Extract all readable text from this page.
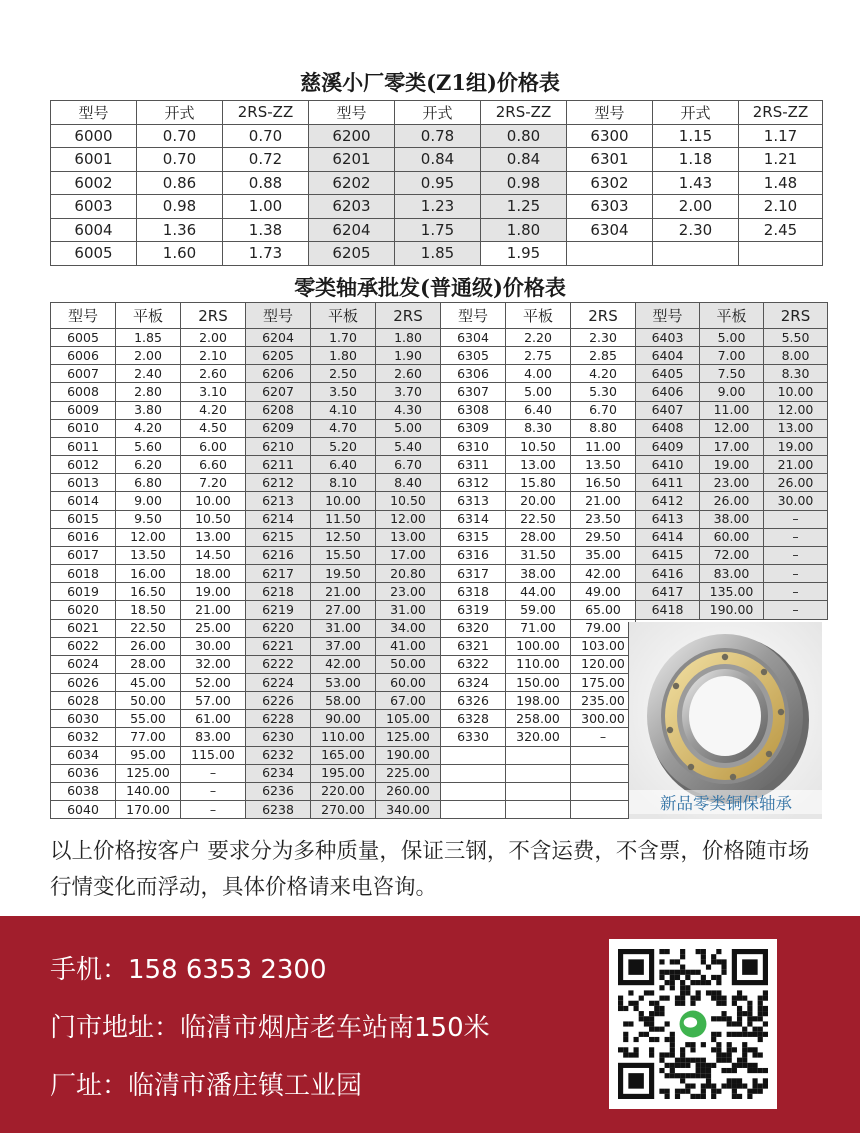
慈溪小厂零类(Z1组)价格表
型号	开式	2RS-ZZ	型号	开式	2RS-ZZ	型号	开式	2RS-ZZ
6000	0.70	0.70	6200	0.78	0.80	6300	1.15	1.17
6001	0.70	0.72	6201	0.84	0.84	6301	1.18	1.21
6002	0.86	0.88	6202	0.95	0.98	6302	1.43	1.48
6003	0.98	1.00	6203	1.23	1.25	6303	2.00	2.10
6004	1.36	1.38	6204	1.75	1.80	6304	2.30	2.45
6005	1.60	1.73	6205	1.85	1.95			
零类轴承批发(普通级)价格表
型号	平板	2RS	型号	平板	2RS	型号	平板	2RS	型号	平板	2RS
6005	1.85	2.00	6204	1.70	1.80	6304	2.20	2.30	6403	5.00	5.50
6006	2.00	2.10	6205	1.80	1.90	6305	2.75	2.85	6404	7.00	8.00
6007	2.40	2.60	6206	2.50	2.60	6306	4.00	4.20	6405	7.50	8.30
6008	2.80	3.10	6207	3.50	3.70	6307	5.00	5.30	6406	9.00	10.00
6009	3.80	4.20	6208	4.10	4.30	6308	6.40	6.70	6407	11.00	12.00
6010	4.20	4.50	6209	4.70	5.00	6309	8.30	8.80	6408	12.00	13.00
6011	5.60	6.00	6210	5.20	5.40	6310	10.50	11.00	6409	17.00	19.00
6012	6.20	6.60	6211	6.40	6.70	6311	13.00	13.50	6410	19.00	21.00
6013	6.80	7.20	6212	8.10	8.40	6312	15.80	16.50	6411	23.00	26.00
6014	9.00	10.00	6213	10.00	10.50	6313	20.00	21.00	6412	26.00	30.00
6015	9.50	10.50	6214	11.50	12.00	6314	22.50	23.50	6413	38.00	–
6016	12.00	13.00	6215	12.50	13.00	6315	28.00	29.50	6414	60.00	–
6017	13.50	14.50	6216	15.50	17.00	6316	31.50	35.00	6415	72.00	–
6018	16.00	18.00	6217	19.50	20.80	6317	38.00	42.00	6416	83.00	–
6019	16.50	19.00	6218	21.00	23.00	6318	44.00	49.00	6417	135.00	–
6020	18.50	21.00	6219	27.00	31.00	6319	59.00	65.00	6418	190.00	–
6021	22.50	25.00	6220	31.00	34.00	6320	71.00	79.00			
6022	26.00	30.00	6221	37.00	41.00	6321	100.00	103.00			
6024	28.00	32.00	6222	42.00	50.00	6322	110.00	120.00			
6026	45.00	52.00	6224	53.00	60.00	6324	150.00	175.00			
6028	50.00	57.00	6226	58.00	67.00	6326	198.00	235.00			
6030	55.00	61.00	6228	90.00	105.00	6328	258.00	300.00			
6032	77.00	83.00	6230	110.00	125.00	6330	320.00	–			
6034	95.00	115.00	6232	165.00	190.00						
6036	125.00	–	6234	195.00	225.00						
6038	140.00	–	6236	220.00	260.00						
6040	170.00	–	6238	270.00	340.00							新品零类铜保轴承
以上价格按客户 要求分为多种质量，保证三钢，不含运费，不含票，价格随市场行情变化而浮动，具体价格请来电咨询。
手机：158 6353 2300
门市地址：临清市烟店老车站南150米
厂址：临清市潘庄镇工业园
